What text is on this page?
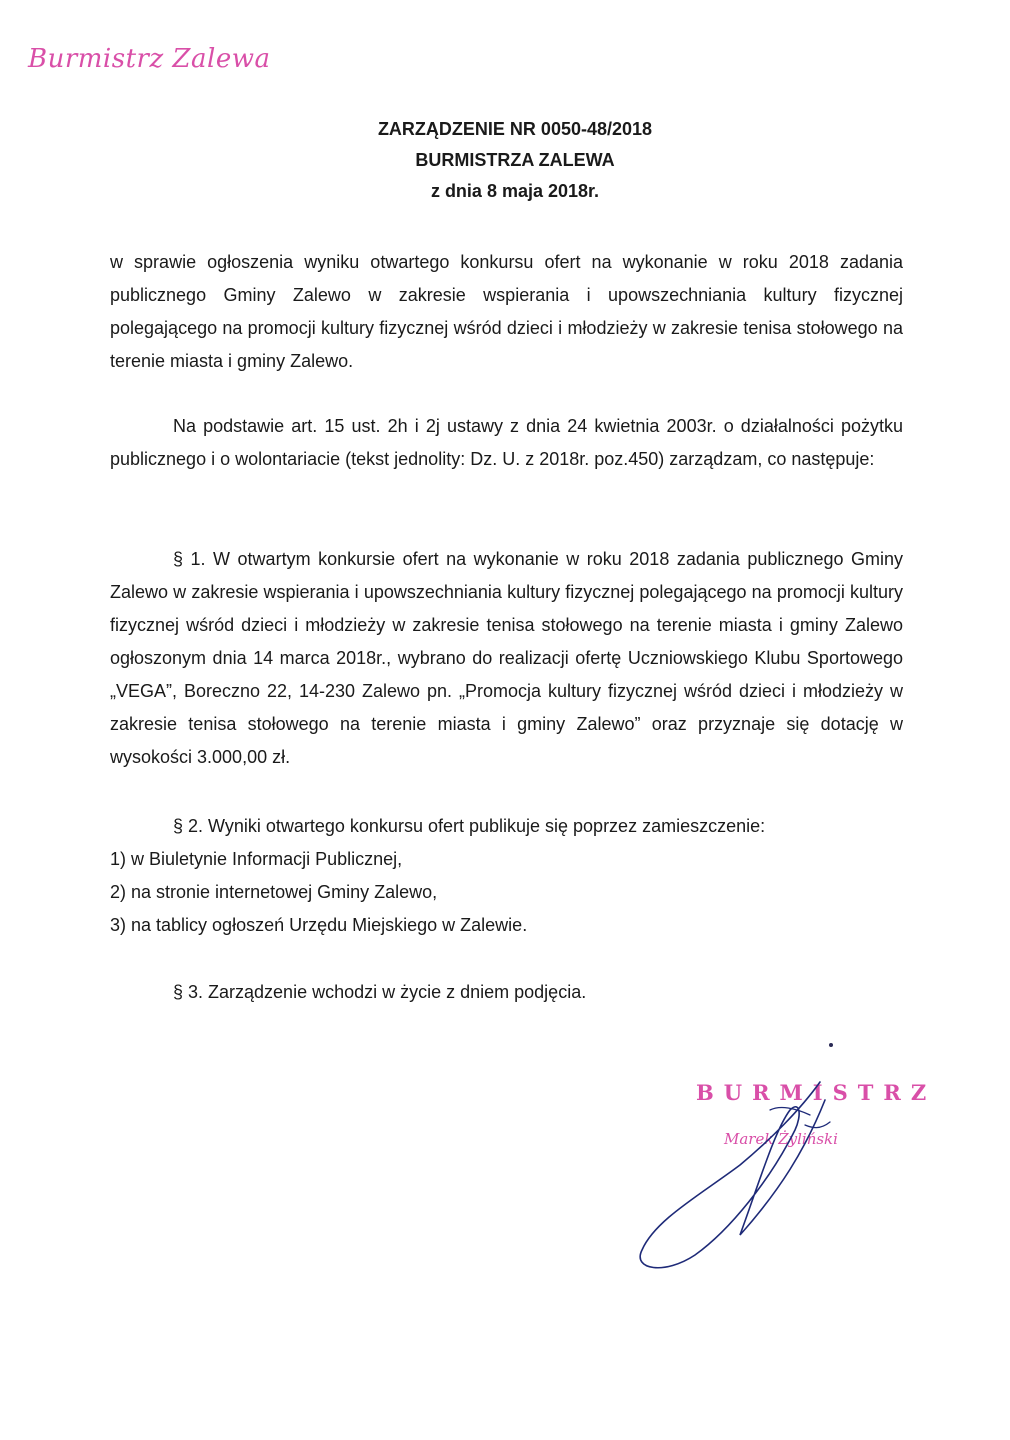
Burmistrz Zalewa
ZARZĄDZENIE NR 0050-48/2018
BURMISTRZA ZALEWA
z dnia 8 maja 2018r.

w sprawie ogłoszenia wyniku otwartego konkursu ofert na wykonanie w roku 2018 zadania publicznego Gminy Zalewo w zakresie wspierania i upowszechniania kultury fizycznej polegającego na promocji kultury fizycznej wśród dzieci i młodzieży w zakresie tenisa stołowego na terenie miasta i gminy Zalewo.

Na podstawie art. 15 ust. 2h i 2j ustawy z dnia 24 kwietnia 2003r. o działalności pożytku publicznego i o wolontariacie (tekst jednolity: Dz. U. z 2018r. poz.450) zarządzam, co następuje:

§ 1. W otwartym konkursie ofert na wykonanie w roku 2018 zadania publicznego Gminy Zalewo w zakresie wspierania i upowszechniania kultury fizycznej polegającego na promocji kultury fizycznej wśród dzieci i młodzieży w zakresie tenisa stołowego na terenie miasta i gminy Zalewo ogłoszonym dnia 14 marca 2018r., wybrano do realizacji ofertę Uczniowskiego Klubu Sportowego „VEGA”, Boreczno 22, 14-230 Zalewo pn. „Promocja kultury fizycznej wśród dzieci i młodzieży w zakresie tenisa stołowego na terenie miasta i gminy Zalewo” oraz przyznaje się dotację w wysokości 3.000,00 zł.

§ 2. Wyniki otwartego konkursu ofert publikuje się poprzez zamieszczenie:

1) w Biuletynie Informacji Publicznej,

2) na stronie internetowej Gminy Zalewo,

3) na tablicy ogłoszeń Urzędu Miejskiego w Zalewie.

§ 3. Zarządzenie wchodzi w życie z dniem podjęcia.

BURMISTRZ
Marek Żyliński
